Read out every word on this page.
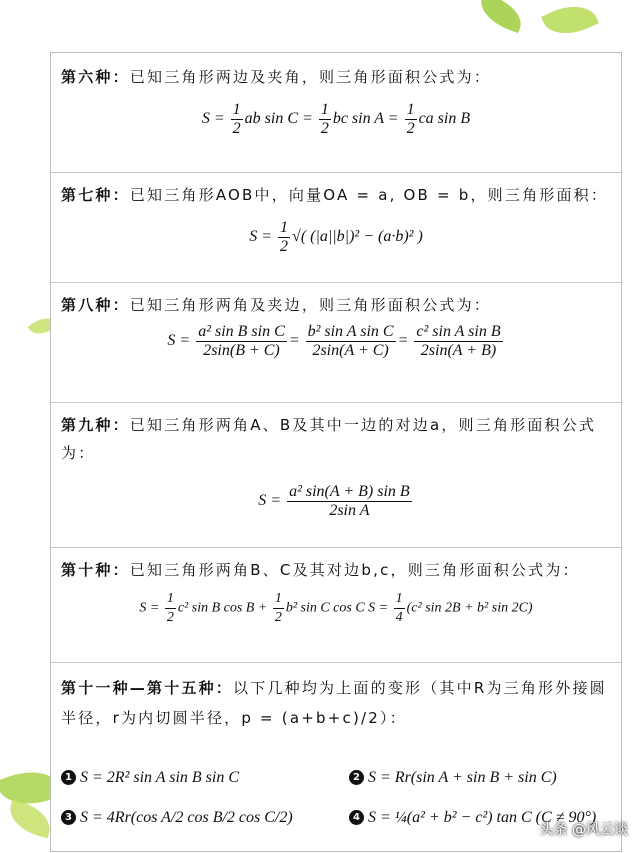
第六种：已知三角形两边及夹角，则三角形面积公式为：
$S = \frac{1}{2}$ ab $\sin C = \frac{1}{2}$ bc $\sin A = \frac{1}{2}$ ca sin B
第七种：已知三角形AOB中，向量OA = a, OB = b，则三角形面积：
$S = \frac{1}{2}$ √( (|a||b|)² − (a·b)² )
第八种：已知三角形两角及夹边，则三角形面积公式为：
$S = \frac{\text{a² sin B sin C}}{2\sin(B + C)} = \frac{\text{b² sin A sin C}}{2\sin(A + C)} = \frac{\text{c² sin A sin B}}{2\sin(A + B)}$
第九种：已知三角形两角A、B及其中一边的对边a，则三角形面积公式为：
$S = \frac{\text{a² sin(A + B) sin B}}{\text{2sin A}}$
第十种：已知三角形两角B、C及其对边b,c，则三角形面积公式为：
$S = \frac{1}{2} c^2$ sin B $\cos B + \frac{1}{2} b^2$ sin C cos C $S = \frac{1}{4} (c^2$ sin 2B + b² sin 2C)
第十一种—第十五种：以下几种均为上面的变形（其中R为三角形外接圆半径，r为内切圆半径，p = (a+b+c)/2）：
1 S = 2R² sin A sin B sin C	2 S = Rr(sin A + sin B + sin C)
3 S = 4Rr(cos A/2 cos B/2 cos C/2)	4 S = ¼(a² + b² − c²) tan C (C ≠ 90°)
头条 @风云谈
